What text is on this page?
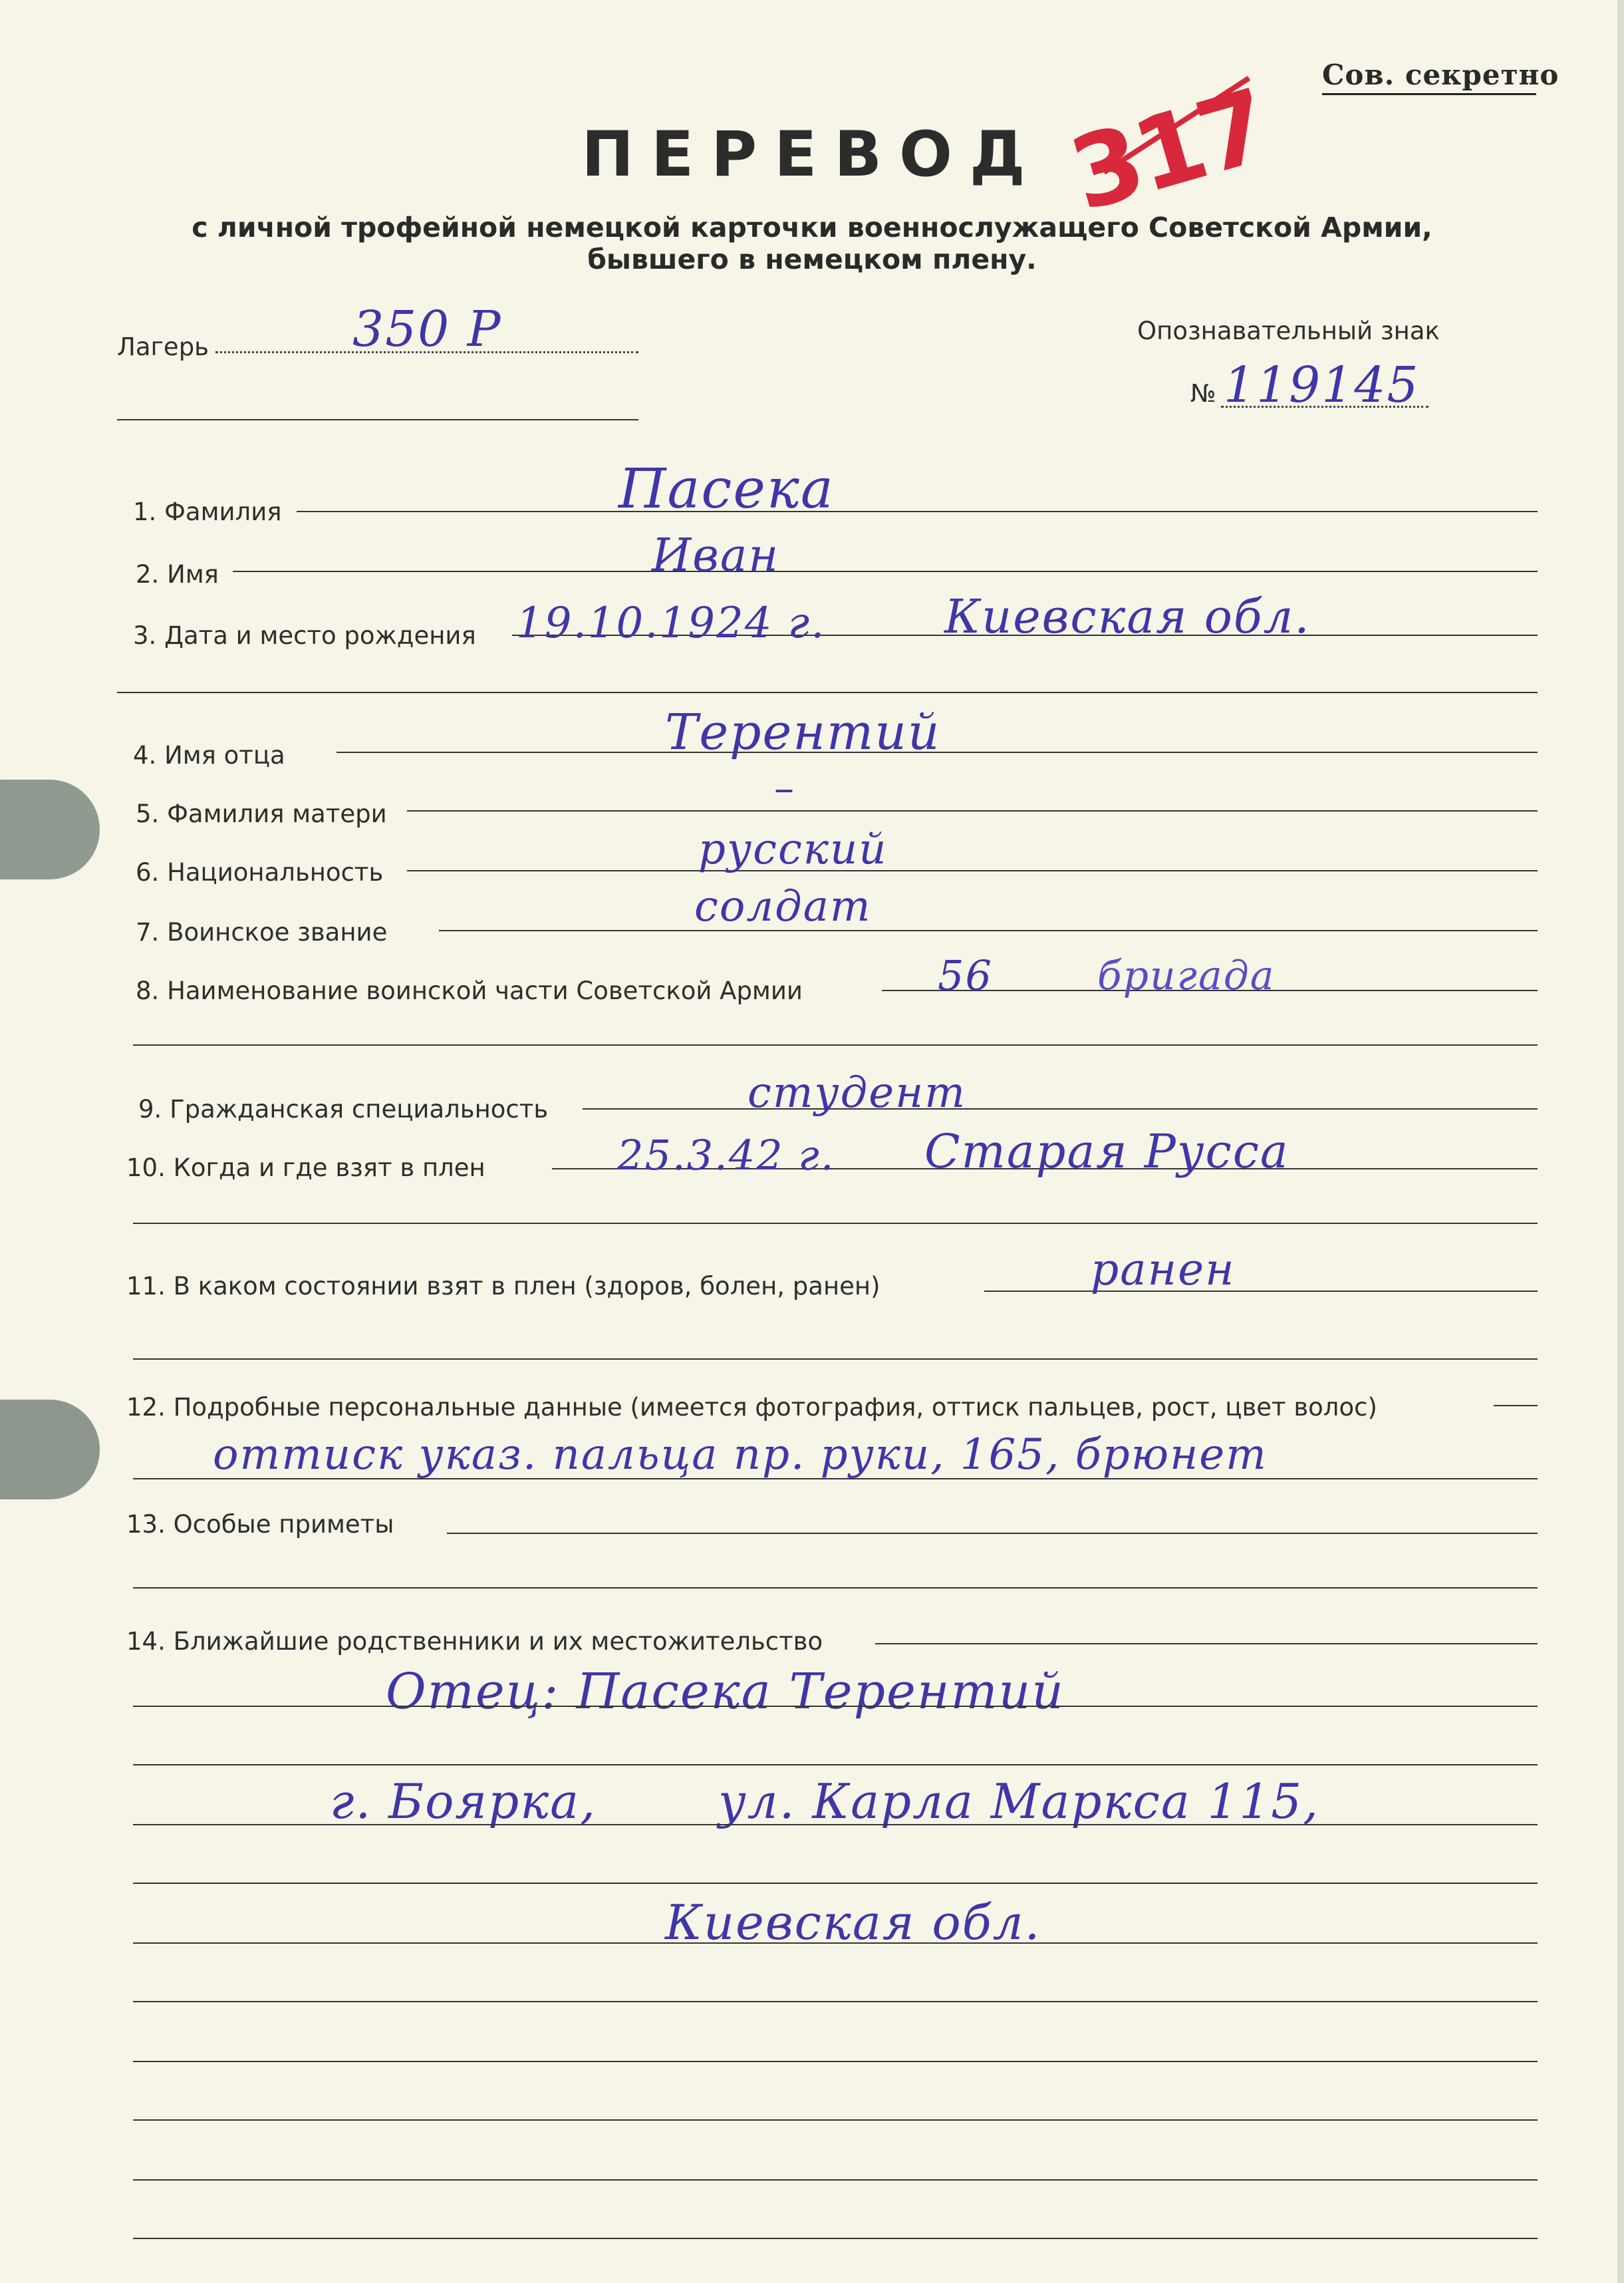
Сов. секретно
ПЕРЕВОД
с личной трофейной немецкой карточки военнослужащего Советской Армии,
бывшего в немецком плену.
317
Лагерь	350 P	Опознавательный знак
№ 119145
1. Фамилия	Пасека
2. Имя	Иван
3. Дата и место рождения 19.10.1924 г.	Киевская обл.
4. Имя отца	Терентий
5. Фамилия матери
–
6. Национальность	русский
7. Воинское звание
солдат
8. Наименование воинской части Советской Армии	56	бригада
9. Гражданская специальность	студент
10. Когда и где взят в плен	25.3.42 г. Старая Русса
11. В каком состоянии взят в плен (здоров, болен, ранен)	ранен
12. Подробные персональные данные (имеется фотография, оттиск пальцев, рост, цвет волос)
оттиск указ. пальца пр. руки, 165, брюнет
13. Особые приметы
14. Ближайшие родственники и их местожительство
Отец: Пасека Терентий
г. Боярка,	ул. Карла Маркса 115,
Киевская обл.
